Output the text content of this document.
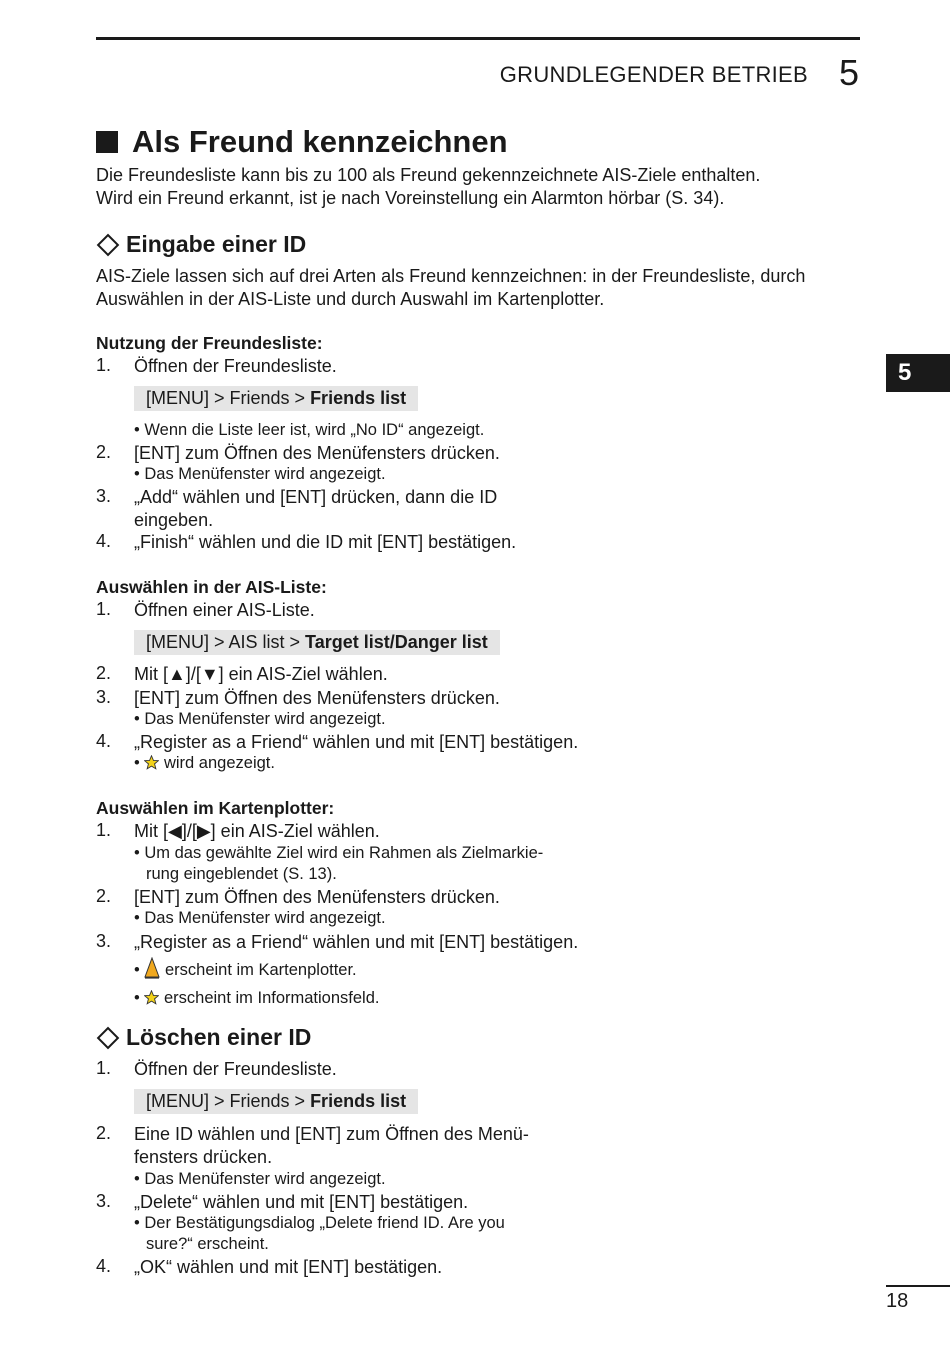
GRUNDLEGENDER BETRIEB 5
5
Als Freund kennzeichnen
Die Freundesliste kann bis zu 100 als Freund gekennzeichnete AIS-Ziele enthalten.
Wird ein Freund erkannt, ist je nach Voreinstellung ein Alarmton hörbar (S. 34).
Eingabe einer ID
AIS-Ziele lassen sich auf drei Arten als Freund kennzeichnen: in der Freundesliste, durch
Auswählen in der AIS-Liste und durch Auswahl im Kartenplotter.
Nutzung der Freundesliste:
1. Öffnen der Freundesliste.
[MENU] > Friends > Friends list
• Wenn die Liste leer ist, wird „No ID“ angezeigt.
2. [ENT] zum Öffnen des Menüfensters drücken.
• Das Menüfenster wird angezeigt.
3. „Add“ wählen und [ENT] drücken, dann die ID
eingeben.
4. „Finish“ wählen und die ID mit [ENT] bestätigen.
Auswählen in der AIS-Liste:
1. Öffnen einer AIS-Liste.
[MENU] > AIS list > Target list/Danger list
2. Mit [▲]/[▼] ein AIS-Ziel wählen.
3. [ENT] zum Öffnen des Menüfensters drücken.
• Das Menüfenster wird angezeigt.
4. „Register as a Friend“ wählen und mit [ENT] bestätigen.
•  wird angezeigt.
Auswählen im Kartenplotter:
1. Mit [◀]/[▶] ein AIS-Ziel wählen.
• Um das gewählte Ziel wird ein Rahmen als Zielmarkie-
rung eingeblendet (S. 13).
2. [ENT] zum Öffnen des Menüfensters drücken.
• Das Menüfenster wird angezeigt.
3. „Register as a Friend“ wählen und mit [ENT] bestätigen.
•  erscheint im Kartenplotter.
•  erscheint im Informationsfeld.
Löschen einer ID
1. Öffnen der Freundesliste.
[MENU] > Friends > Friends list
2. Eine ID wählen und [ENT] zum Öffnen des Menü-
fensters drücken.
• Das Menüfenster wird angezeigt.
3. „Delete“ wählen und mit [ENT] bestätigen.
• Der Bestätigungsdialog „Delete friend ID. Are you
sure?“ erscheint.
4. „OK“ wählen und mit [ENT] bestätigen.
18
